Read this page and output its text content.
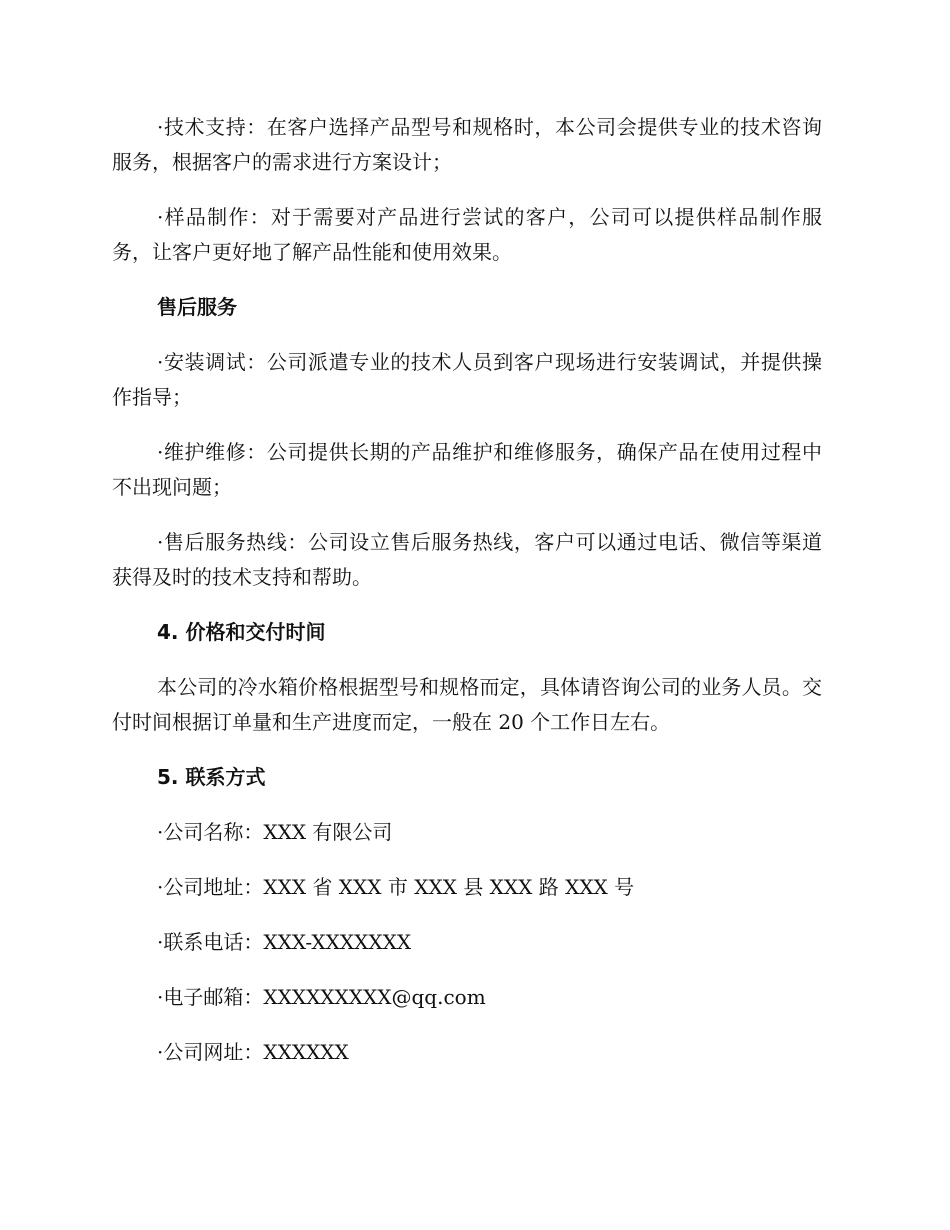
·技术支持：在客户选择产品型号和规格时，本公司会提供专业的技术咨询服务，根据客户的需求进行方案设计；

·样品制作：对于需要对产品进行尝试的客户，公司可以提供样品制作服务，让客户更好地了解产品性能和使用效果。

售后服务

·安装调试：公司派遣专业的技术人员到客户现场进行安装调试，并提供操作指导；

·维护维修：公司提供长期的产品维护和维修服务，确保产品在使用过程中不出现问题；

·售后服务热线：公司设立售后服务热线，客户可以通过电话、微信等渠道获得及时的技术支持和帮助。

4. 价格和交付时间

本公司的冷水箱价格根据型号和规格而定，具体请咨询公司的业务人员。交付时间根据订单量和生产进度而定，一般在 20 个工作日左右。

5. 联系方式

·公司名称：XXX 有限公司

·公司地址：XXX 省 XXX 市 XXX 县 XXX 路 XXX 号

·联系电话：XXX-XXXXXXX

·电子邮箱：XXXXXXXXX@qq.com

·公司网址：XXXXXX
